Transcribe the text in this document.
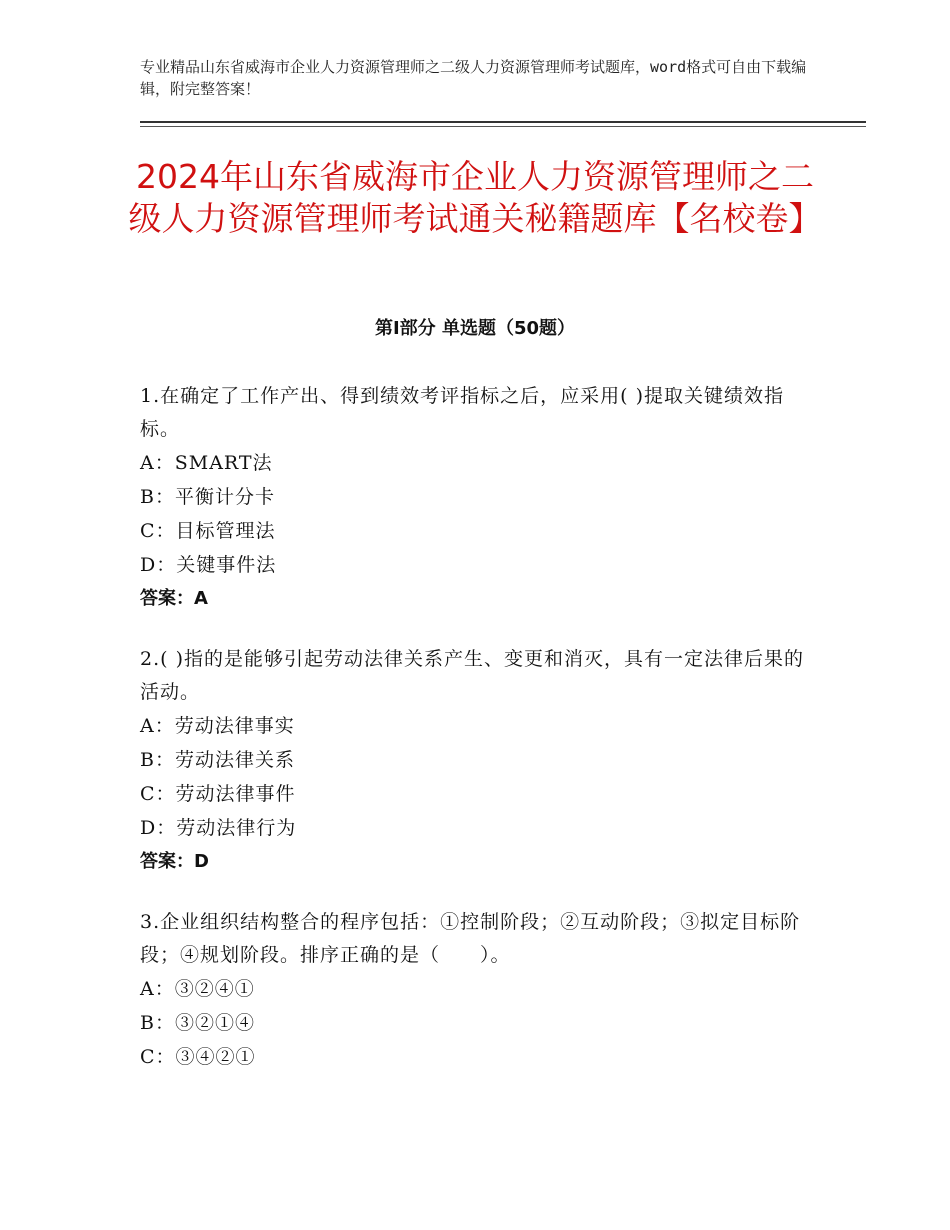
专业精品山东省威海市企业人力资源管理师之二级人力资源管理师考试题库，word格式可自由下载编辑，附完整答案！
2024年山东省威海市企业人力资源管理师之二级人力资源管理师考试通关秘籍题库【名校卷】
第Ⅰ部分 单选题（50题）

1.在确定了工作产出、得到绩效考评指标之后，应采用( )提取关键绩效指标。

A：SMART法

B：平衡计分卡

C：目标管理法

D：关键事件法

答案：A

2.( )指的是能够引起劳动法律关系产生、变更和消灭，具有一定法律后果的活动。

A：劳动法律事实

B：劳动法律关系

C：劳动法律事件

D：劳动法律行为

答案：D

3.企业组织结构整合的程序包括：①控制阶段；②互动阶段；③拟定目标阶段；④规划阶段。排序正确的是（　　）。

A：③②④①

B：③②①④

C：③④②①
